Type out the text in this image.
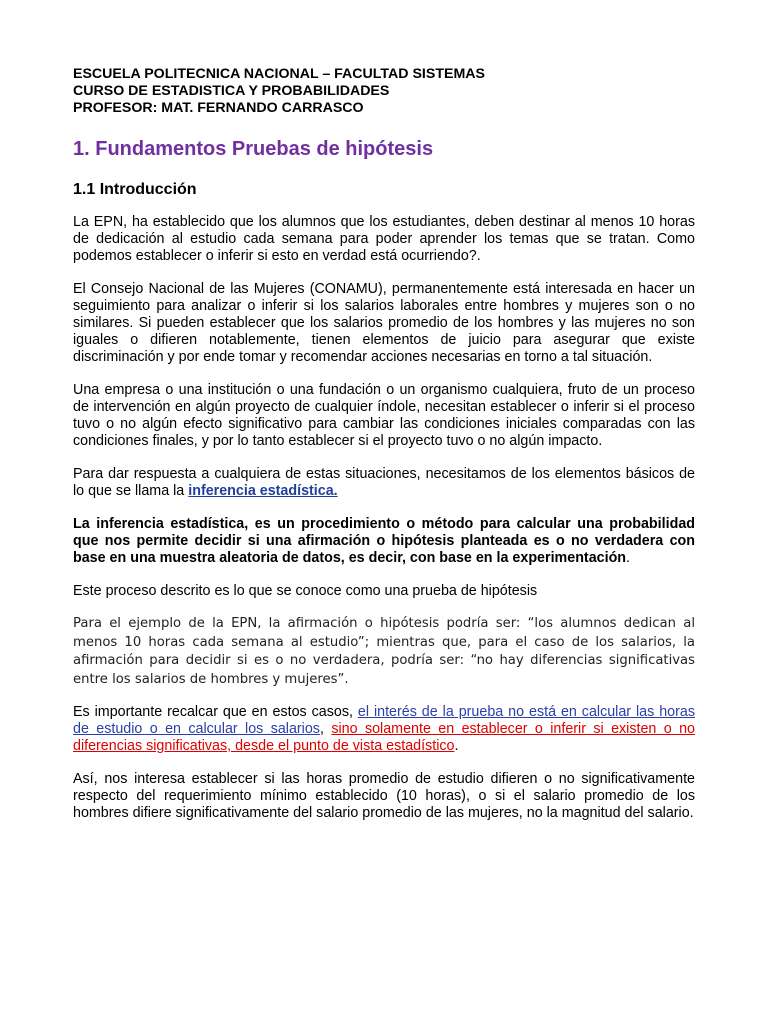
ESCUELA POLITECNICA NACIONAL – FACULTAD SISTEMAS
CURSO DE ESTADISTICA Y PROBABILIDADES
PROFESOR: MAT. FERNANDO CARRASCO
1. Fundamentos Pruebas de hipótesis
1.1 Introducción

La EPN, ha establecido que los alumnos que los estudiantes, deben destinar al menos 10 horas de dedicación al estudio cada semana para poder aprender los temas que se tratan. Como podemos establecer o inferir si esto en verdad está ocurriendo?.

El Consejo Nacional de las Mujeres (CONAMU), permanentemente está interesada en hacer un seguimiento para analizar o inferir si los salarios laborales entre hombres y mujeres son o no similares. Si pueden establecer que los salarios promedio de los hombres y las mujeres no son iguales o difieren notablemente, tienen elementos de juicio para asegurar que existe discriminación y por ende tomar y recomendar acciones necesarias en torno a tal situación.

Una empresa o una institución o una fundación o un organismo cualquiera, fruto de un proceso de intervención en algún proyecto de cualquier índole, necesitan establecer o inferir si el proceso tuvo o no algún efecto significativo para cambiar las condiciones iniciales comparadas con las condiciones finales, y por lo tanto establecer si el proyecto tuvo o no algún impacto.

Para dar respuesta a cualquiera de estas situaciones, necesitamos de los elementos básicos de lo que se llama la inferencia estadística.

La inferencia estadística, es un procedimiento o método para calcular una probabilidad que nos permite decidir si una afirmación o hipótesis planteada es o no verdadera con base en una muestra aleatoria de datos, es decir, con base en la experimentación.

Este proceso descrito es lo que se conoce como una prueba de hipótesis

Para el ejemplo de la EPN, la afirmación o hipótesis podría ser: “los alumnos dedican al menos 10 horas cada semana al estudio”; mientras que, para el caso de los salarios, la afirmación para decidir si es o no verdadera, podría ser: “no hay diferencias significativas entre los salarios de hombres y mujeres”.

Es importante recalcar que en estos casos, el interés de la prueba no está en calcular las horas de estudio o en calcular los salarios, sino solamente en establecer o inferir si existen o no diferencias significativas, desde el punto de vista estadístico.

Así, nos interesa establecer si las horas promedio de estudio difieren o no significativamente respecto del requerimiento mínimo establecido (10 horas), o si el salario promedio de los hombres difiere significativamente del salario promedio de las mujeres, no la magnitud del salario.
